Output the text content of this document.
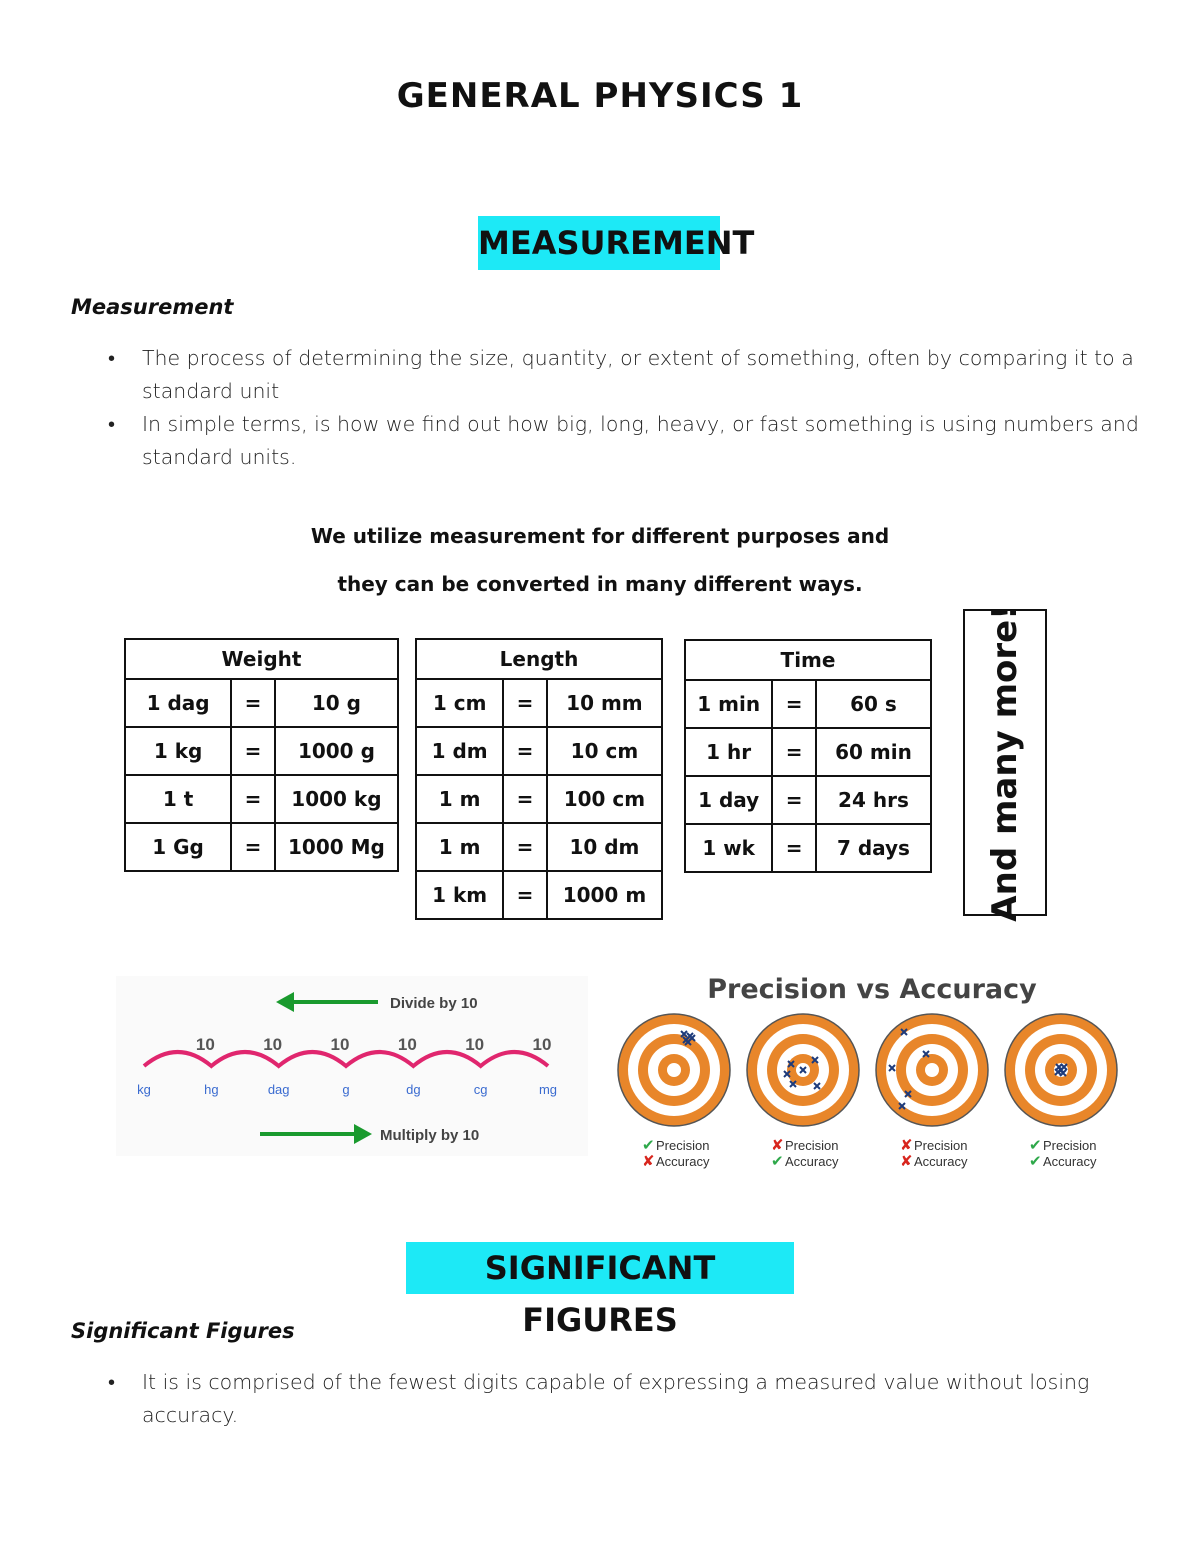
GENERAL PHYSICS 1
MEASUREMENT
Measurement
• The process of determining the size, quantity, or extent of something, often by comparing it to a standard unit
• In simple terms, is how we find out how big, long, heavy, or fast something is using numbers and standard units.
We utilize measurement for different purposes and
they can be converted in many different ways.
Weight		
1 dag	=	10 g
1 kg	=	1000 g
1 t	=	1000 kg
1 Gg	=	1000 Mg
Length		
1 cm	=	10 mm
1 dm	=	10 cm
1 m	=	100 cm
1 m	=	10 dm
1 km	=	1000 m
Time		
1 min	=	60 s
1 hr	=	60 min
1 day	=	24 hrs
1 wk	=	7 days And many more!
Divide by 10
10	10	10	10	10	10
kg	hg	dag	g	dg	cg	mg
Multiply by 10
Precision vs Accuracy
✔ Precision
✘ Accuracy
✘ Precision
✔ Accuracy
✘ Precision
✘ Accuracy
✔ Precision
✔ Accuracy
SIGNIFICANT FIGURES
Significant Figures
• It is is comprised of the fewest digits capable of expressing a measured value without losing accuracy.
